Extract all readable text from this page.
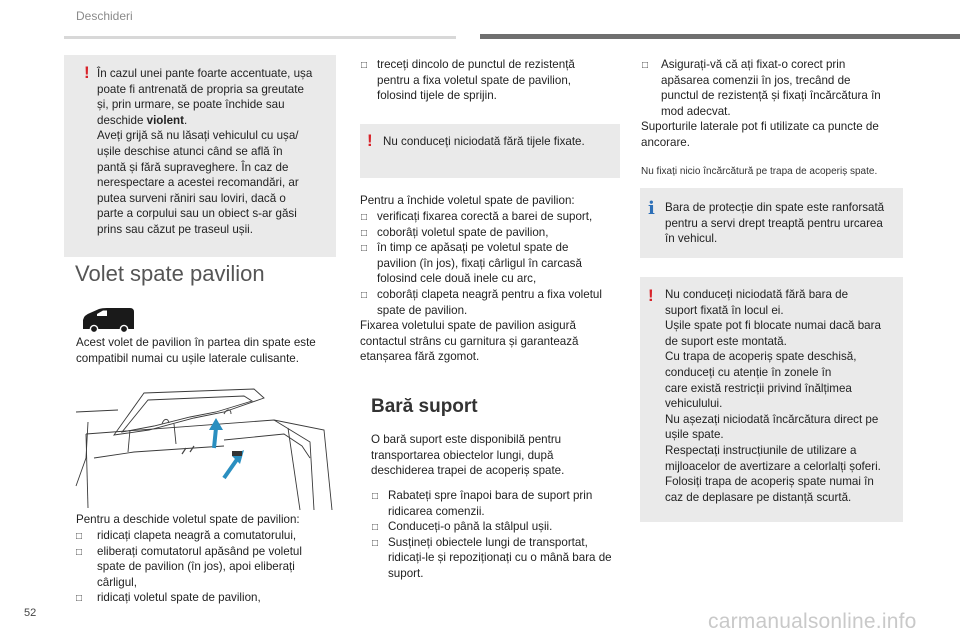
Deschideri
!
Volet spate pavilion
! Nu conduceți niciodată fără tijele fixate.
Bară suport
Nu fixați nicio încărcătură pe trapa de acoperiș spate.
i
!
52	carmanualsonline.info
În cazul unei pante foarte accentuate, ușa
poate fi antrenată de propria sa greutate
și, prin urmare, se poate închide sau
deschide violent.
Aveți grijă să nu lăsați vehiculul cu ușa/
ușile deschise atunci când se află în
pantă și fără supraveghere. În caz de
nerespectare a acestei recomandări, ar
putea surveni răniri sau loviri, dacă o
parte a corpului sau un obiect s-ar găsi
prins sau căzut pe traseul ușii.
Acest volet de pavilion în partea din spate este
compatibil numai cu ușile laterale culisante.
Pentru a deschide voletul spate de pavilion:
□ ridicați clapeta neagră a comutatorului,
□ eliberați comutatorul apăsând pe voletul
spate de pavilion (în jos), apoi eliberați
cârligul,
□ ridicați voletul spate de pavilion,
□ treceți dincolo de punctul de rezistență
pentru a fixa voletul spate de pavilion,
folosind tijele de sprijin.
Pentru a închide voletul spate de pavilion:
□ verificați fixarea corectă a barei de suport,
□ coborâți voletul spate de pavilion,
□ în timp ce apăsați pe voletul spate de
pavilion (în jos), fixați cârligul în carcasă
folosind cele două inele cu arc,
□ coborâți clapeta neagră pentru a fixa voletul
spate de pavilion.
Fixarea voletului spate de pavilion asigură
contactul strâns cu garnitura și garantează
etanșarea fără zgomot.
O bară suport este disponibilă pentru
transportarea obiectelor lungi, după
deschiderea trapei de acoperiș spate.
□ Rabateți spre înapoi bara de suport prin
ridicarea comenzii.
□ Conduceți-o până la stâlpul ușii.
□ Susțineți obiectele lungi de transportat,
ridicați-le și repoziționați cu o mână bara de
suport.
□ Asigurați-vă că ați fixat-o corect prin
apăsarea comenzii în jos, trecând de
punctul de rezistență și fixați încărcătura în
mod adecvat.
Suporturile laterale pot fi utilizate ca puncte de
ancorare.
Bara de protecție din spate este ranforsată
pentru a servi drept treaptă pentru urcarea
în vehicul.
Nu conduceți niciodată fără bara de
suport fixată în locul ei.
Ușile spate pot fi blocate numai dacă bara
de suport este montată.
Cu trapa de acoperiș spate deschisă,
conduceți cu atenție în zonele în
care există restricții privind înălțimea
vehiculului.
Nu așezați niciodată încărcătura direct pe
ușile spate.
Respectați instrucțiunile de utilizare a
mijloacelor de avertizare a celorlalți șoferi.
Folosiți trapa de acoperiș spate numai în
caz de deplasare pe distanță scurtă.
